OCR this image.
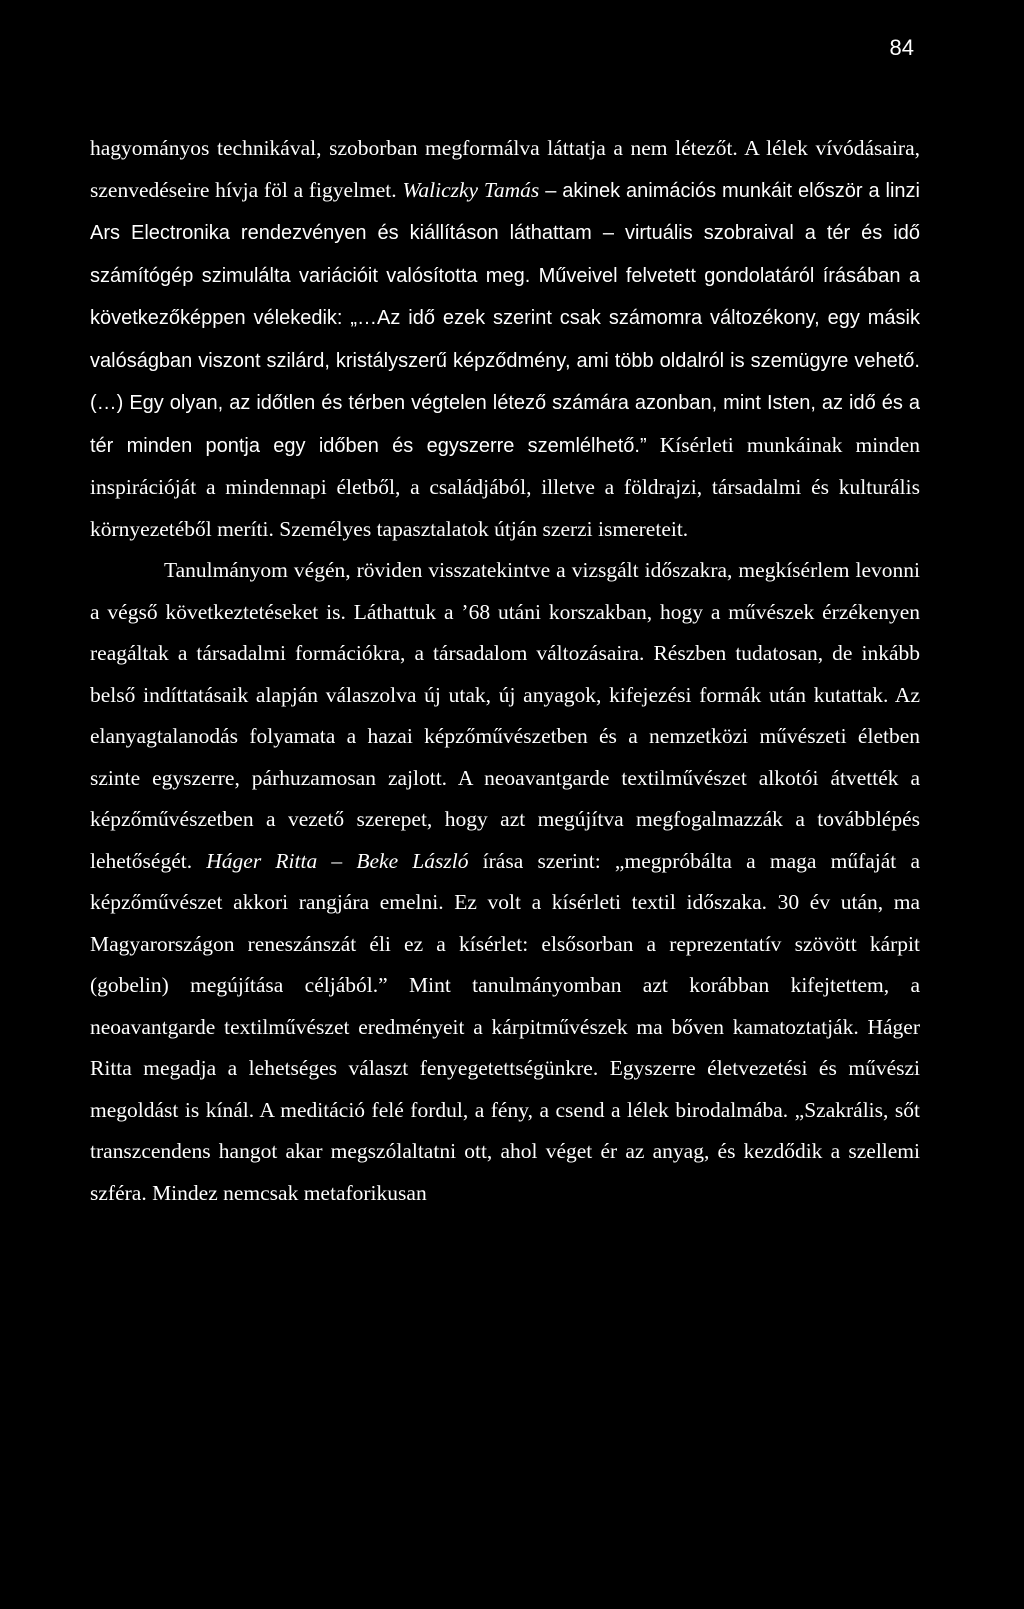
84

hagyományos technikával, szoborban megformálva láttatja a nem létezőt. A lélek vívódásaira, szenvedéseire hívja föl a figyelmet. Waliczky Tamás – akinek animációs munkáit először a linzi Ars Electronika rendezvényen és kiállításon láthattam – virtuális szobraival a tér és idő számítógép szimulálta variációit valósította meg. Műveivel felvetett gondolatáról írásában a következőképpen vélekedik: „…Az idő ezek szerint csak számomra változékony, egy másik valóságban viszont szilárd, kristályszerű képződmény, ami több oldalról is szemügyre vehető.(…) Egy olyan, az időtlen és térben végtelen létező számára azonban, mint Isten, az idő és a tér minden pontja egy időben és egyszerre szemlélhető.” Kísérleti munkáinak minden inspirációját a mindennapi életből, a családjából, illetve a földrajzi, társadalmi és kulturális környezetéből meríti. Személyes tapasztalatok útján szerzi ismereteit.

Tanulmányom végén, röviden visszatekintve a vizsgált időszakra, megkísérlem levonni a végső következtetéseket is. Láthattuk a ’68 utáni korszakban, hogy a művészek érzékenyen reagáltak a társadalmi formációkra, a társadalom változásaira. Részben tudatosan, de inkább belső indíttatásaik alapján válaszolva új utak, új anyagok, kifejezési formák után kutattak. Az elanyagtalanodás folyamata a hazai képzőművészetben és a nemzetközi művészeti életben szinte egyszerre, párhuzamosan zajlott. A neoavantgarde textilművészet alkotói átvették a képzőművészetben a vezető szerepet, hogy azt megújítva megfogalmazzák a továbblépés lehetőségét. Háger Ritta – Beke László írása szerint: „megpróbálta a maga műfaját a képzőművészet akkori rangjára emelni. Ez volt a kísérleti textil időszaka. 30 év után, ma Magyarországon reneszánszát éli ez a kísérlet: elsősorban a reprezentatív szövött kárpit (gobelin) megújítása céljából.” Mint tanulmányomban azt korábban kifejtettem, a neoavantgarde textilművészet eredményeit a kárpitművészek ma bőven kamatoztatják. Háger Ritta megadja a lehetséges választ fenyegetettségünkre. Egyszerre életvezetési és művészi megoldást is kínál. A meditáció felé fordul, a fény, a csend a lélek birodalmába. „Szakrális, sőt transzcendens hangot akar megszólaltatni ott, ahol véget ér az anyag, és kezdődik a szellemi szféra. Mindez nemcsak metaforikusan
